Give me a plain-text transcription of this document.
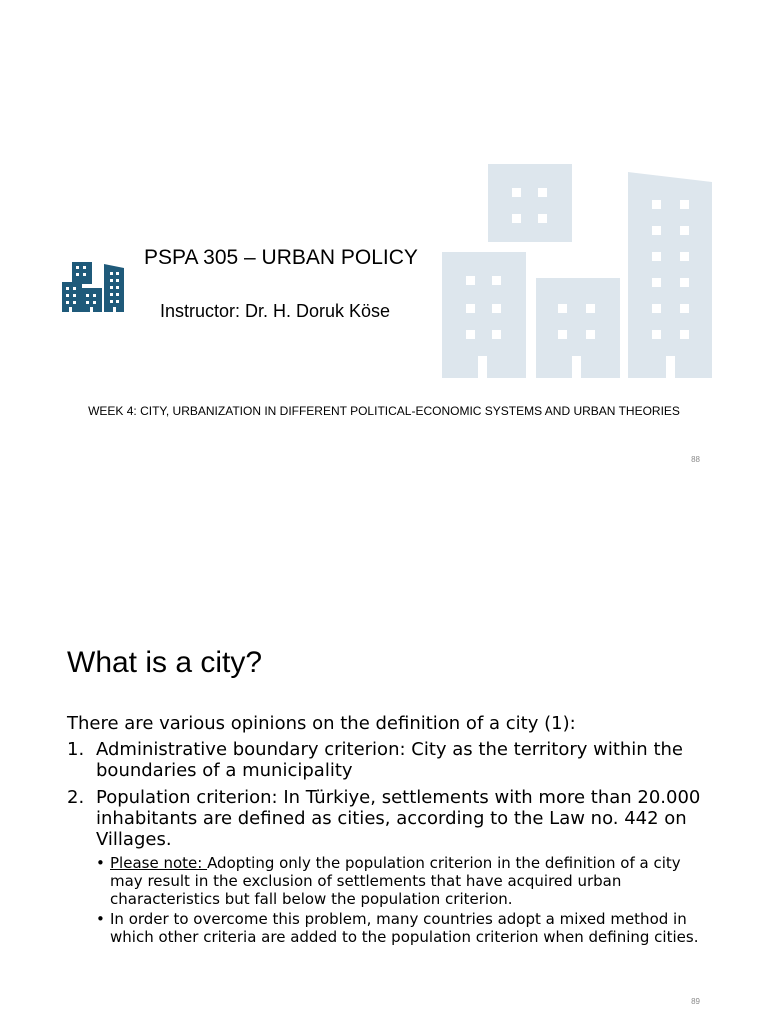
PSPA 305 – URBAN POLICY
Instructor: Dr. H. Doruk Köse
WEEK 4: CITY, URBANIZATION IN DIFFERENT POLITICAL-ECONOMIC SYSTEMS AND URBAN THEORIES
88
What is a city?

There are various opinions on the definition of a city (1):

1. Administrative boundary criterion: City as the territory within the boundaries of a municipality
2. Population criterion: In Türkiye, settlements with more than 20.000 inhabitants are defined as cities, according to the Law no. 442 on Villages.
• Please note: Adopting only the population criterion in the definition of a city may result in the exclusion of settlements that have acquired urban characteristics but fall below the population criterion.
• In order to overcome this problem, many countries adopt a mixed method in which other criteria are added to the population criterion when defining cities.
89
